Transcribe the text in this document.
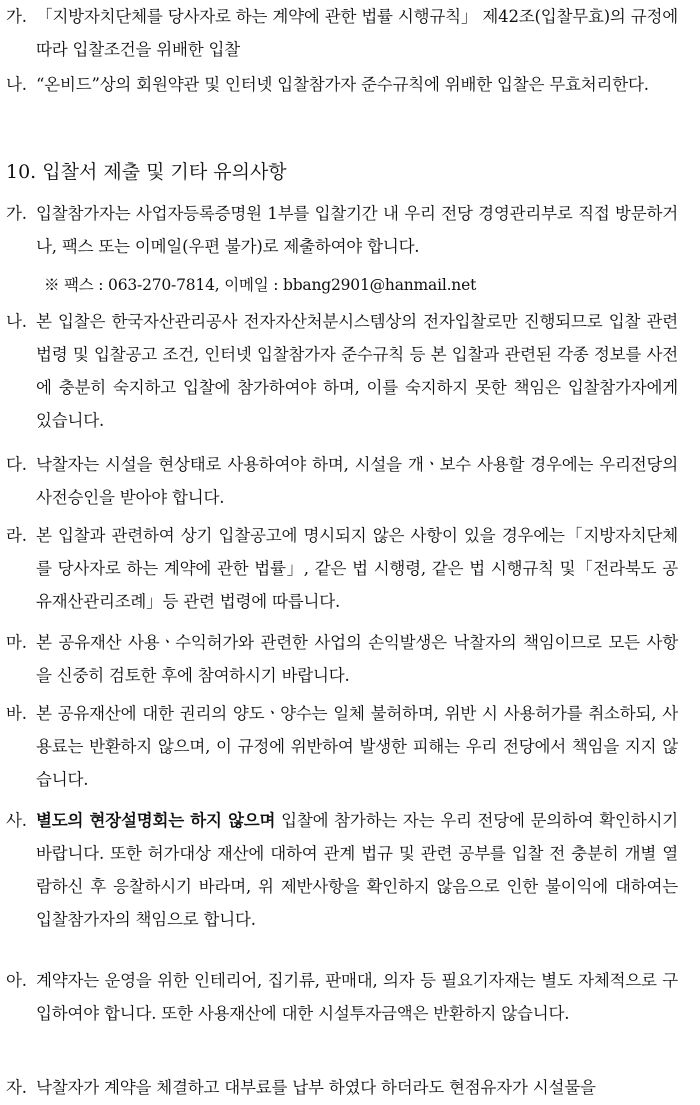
가. 「지방자치단체를 당사자로 하는 계약에 관한 법률 시행규칙」 제42조(입찰무효)의 규정에 따라 입찰조건을 위배한 입찰
나. “온비드”상의 회원약관 및 인터넷 입찰참가자 준수규칙에 위배한 입찰은 무효처리한다.
10. 입찰서 제출 및 기타 유의사항
가. 입찰참가자는 사업자등록증명원 1부를 입찰기간 내 우리 전당 경영관리부로 직접 방문하거나, 팩스 또는 이메일(우편 불가)로 제출하여야 합니다.
※ 팩스 : 063-270-7814, 이메일 : bbang2901@hanmail.net
나. 본 입찰은 한국자산관리공사 전자자산처분시스템상의 전자입찰로만 진행되므로 입찰 관련 법령 및 입찰공고 조건, 인터넷 입찰참가자 준수규칙 등 본 입찰과 관련된 각종 정보를 사전에 충분히 숙지하고 입찰에 참가하여야 하며, 이를 숙지하지 못한 책임은 입찰참가자에게 있습니다.
다. 낙찰자는 시설을 현상태로 사용하여야 하며, 시설을 개ㆍ보수 사용할 경우에는 우리전당의 사전승인을 받아야 합니다.
라. 본 입찰과 관련하여 상기 입찰공고에 명시되지 않은 사항이 있을 경우에는「지방자치단체를 당사자로 하는 계약에 관한 법률」, 같은 법 시행령, 같은 법 시행규칙 및「전라북도 공유재산관리조례」등 관련 법령에 따릅니다.
마. 본 공유재산 사용ㆍ수익허가와 관련한 사업의 손익발생은 낙찰자의 책임이므로 모든 사항을 신중히 검토한 후에 참여하시기 바랍니다.
바. 본 공유재산에 대한 권리의 양도ㆍ양수는 일체 불허하며, 위반 시 사용허가를 취소하되, 사용료는 반환하지 않으며, 이 규정에 위반하여 발생한 피해는 우리 전당에서 책임을 지지 않습니다.
사. 별도의 현장설명회는 하지 않으며 입찰에 참가하는 자는 우리 전당에 문의하여 확인하시기 바랍니다. 또한 허가대상 재산에 대하여 관계 법규 및 관련 공부를 입찰 전 충분히 개별 열람하신 후 응찰하시기 바라며, 위 제반사항을 확인하지 않음으로 인한 불이익에 대하여는 입찰참가자의 책임으로 합니다.
아. 계약자는 운영을 위한 인테리어, 집기류, 판매대, 의자 등 필요기자재는 별도 자체적으로 구입하여야 합니다. 또한 사용재산에 대한 시설투자금액은 반환하지 않습니다.
자. 낙찰자가 계약을 체결하고 대부료를 납부 하였다 하더라도 현점유자가 시설물을
